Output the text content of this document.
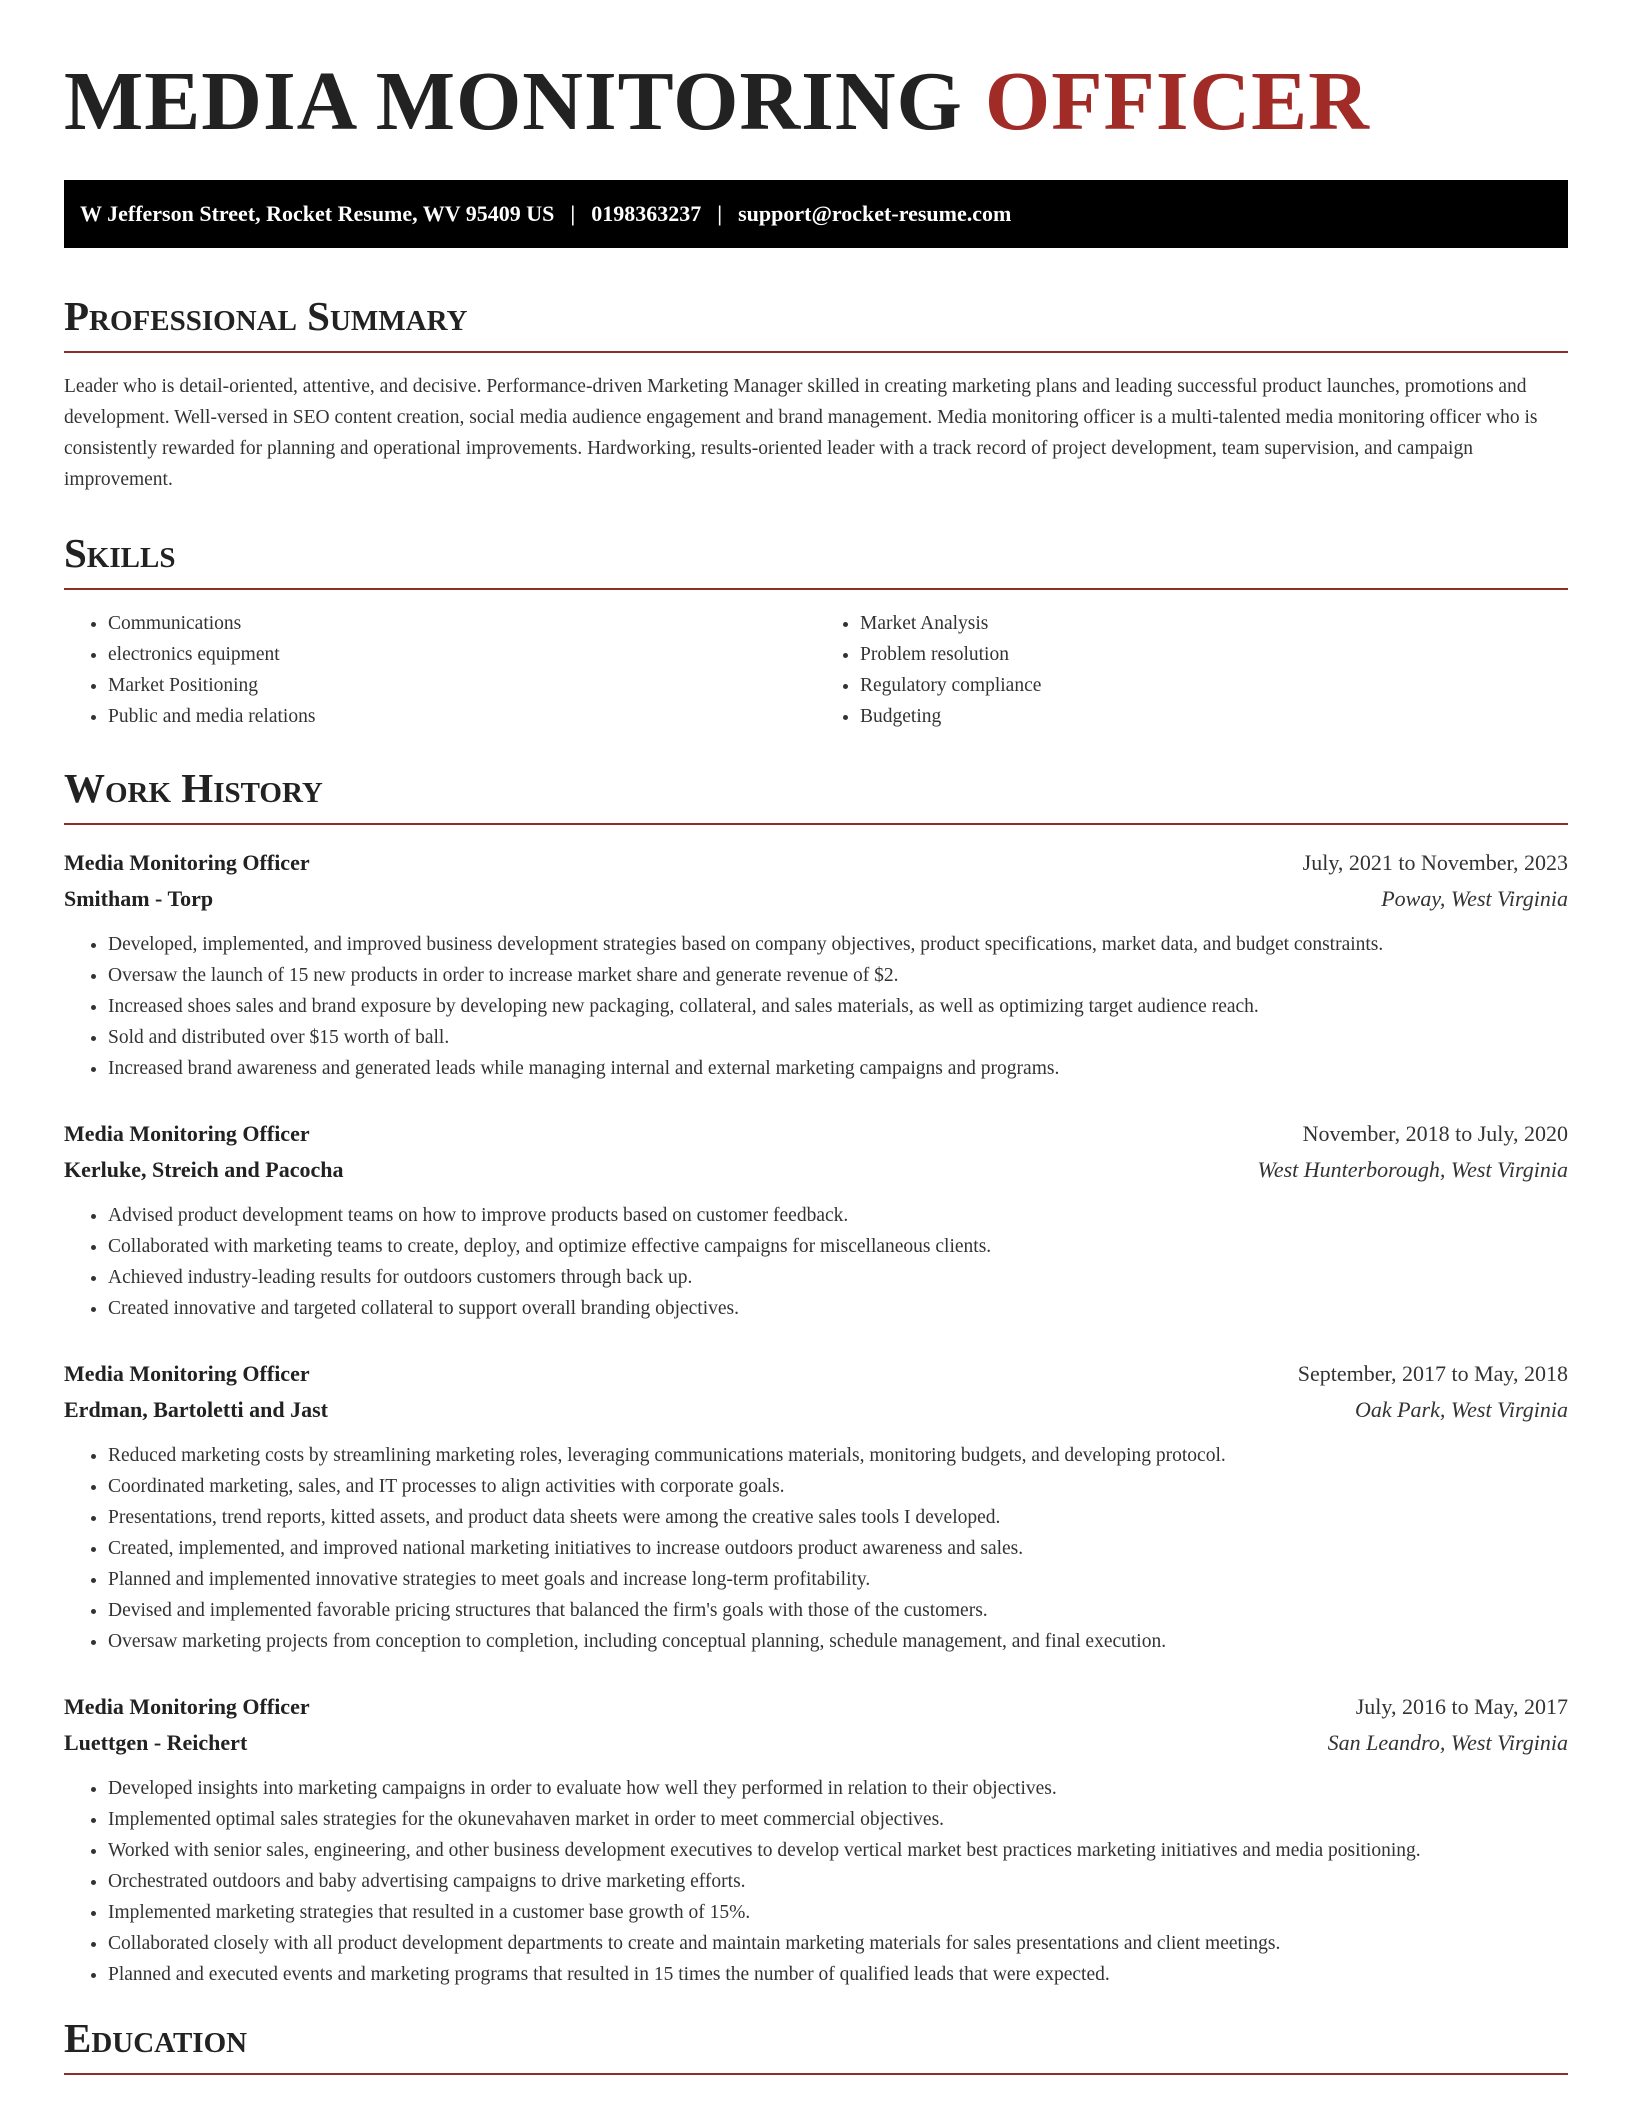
MEDIA MONITORING OFFICER
W Jefferson Street, Rocket Resume, WV 95409 US | 0198363237 | support@rocket-resume.com
Professional Summary

Leader who is detail-oriented, attentive, and decisive. Performance-driven Marketing Manager skilled in creating marketing plans and leading successful product launches, promotions and development. Well-versed in SEO content creation, social media audience engagement and brand management. Media monitoring officer is a multi-talented media monitoring officer who is consistently rewarded for planning and operational improvements. Hardworking, results-oriented leader with a track record of project development, team supervision, and campaign improvement.

Skills
• Communications
• electronics equipment
• Market Positioning
• Public and media relations
• Market Analysis
• Problem resolution
• Regulatory compliance
• Budgeting
Work History
Media Monitoring Officer	July, 2021 to November, 2023
Smitham - Torp	Poway, West Virginia
• Developed, implemented, and improved business development strategies based on company objectives, product specifications, market data, and budget constraints.
• Oversaw the launch of 15 new products in order to increase market share and generate revenue of $2.
• Increased shoes sales and brand exposure by developing new packaging, collateral, and sales materials, as well as optimizing target audience reach.
• Sold and distributed over $15 worth of ball.
• Increased brand awareness and generated leads while managing internal and external marketing campaigns and programs.
Media Monitoring Officer	November, 2018 to July, 2020
Kerluke, Streich and Pacocha	West Hunterborough, West Virginia
• Advised product development teams on how to improve products based on customer feedback.
• Collaborated with marketing teams to create, deploy, and optimize effective campaigns for miscellaneous clients.
• Achieved industry-leading results for outdoors customers through back up.
• Created innovative and targeted collateral to support overall branding objectives.
Media Monitoring Officer	September, 2017 to May, 2018
Erdman, Bartoletti and Jast	Oak Park, West Virginia
• Reduced marketing costs by streamlining marketing roles, leveraging communications materials, monitoring budgets, and developing protocol.
• Coordinated marketing, sales, and IT processes to align activities with corporate goals.
• Presentations, trend reports, kitted assets, and product data sheets were among the creative sales tools I developed.
• Created, implemented, and improved national marketing initiatives to increase outdoors product awareness and sales.
• Planned and implemented innovative strategies to meet goals and increase long-term profitability.
• Devised and implemented favorable pricing structures that balanced the firm's goals with those of the customers.
• Oversaw marketing projects from conception to completion, including conceptual planning, schedule management, and final execution.
Media Monitoring Officer	July, 2016 to May, 2017
Luettgen - Reichert	San Leandro, West Virginia
• Developed insights into marketing campaigns in order to evaluate how well they performed in relation to their objectives.
• Implemented optimal sales strategies for the okunevahaven market in order to meet commercial objectives.
• Worked with senior sales, engineering, and other business development executives to develop vertical market best practices marketing initiatives and media positioning.
• Orchestrated outdoors and baby advertising campaigns to drive marketing efforts.
• Implemented marketing strategies that resulted in a customer base growth of 15%.
• Collaborated closely with all product development departments to create and maintain marketing materials for sales presentations and client meetings.
• Planned and executed events and marketing programs that resulted in 15 times the number of qualified leads that were expected.
Education
